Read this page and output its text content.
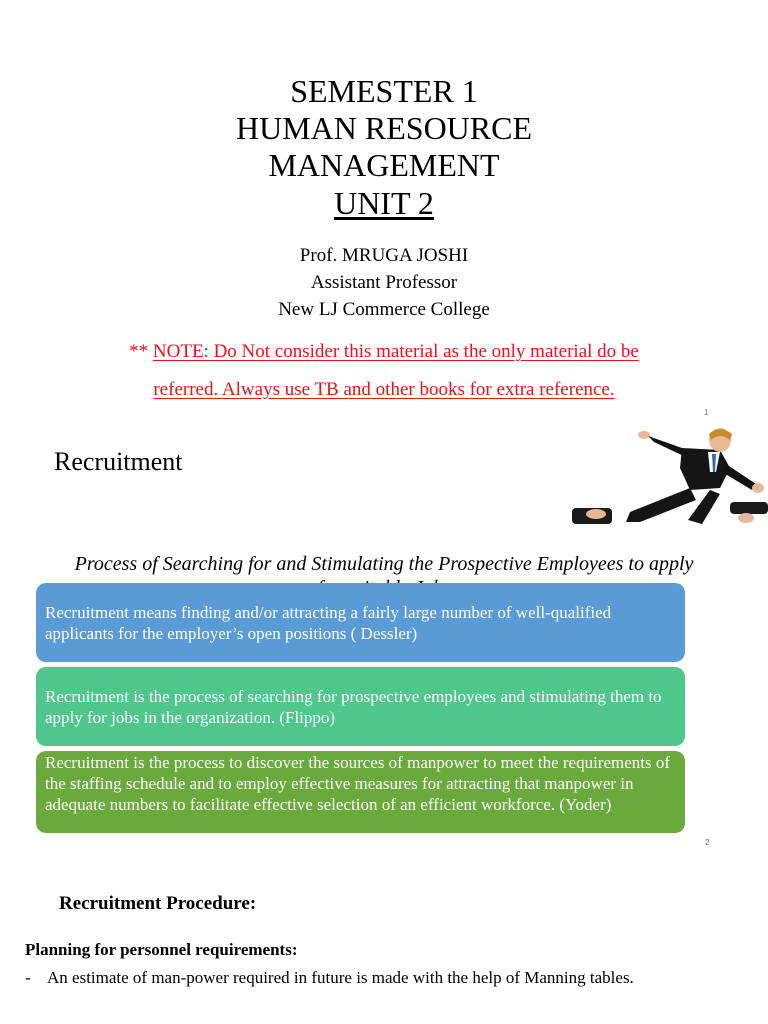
SEMESTER 1
HUMAN RESOURCE
MANAGEMENT
UNIT 2
Prof. MRUGA JOSHI
Assistant Professor
New LJ Commerce College
** NOTE: Do Not consider this material as the only material do be
referred. Always use TB and other books for extra reference.
1
Recruitment
Process of Searching for and Stimulating the Prospective Employees to apply

Recruitment means finding and/or attracting a fairly large number of well-qualified applicants for the employer’s open positions ( Dessler)
Recruitment is the process of searching for prospective employees and stimulating them to apply for jobs in the organization. (Flippo)
Recruitment is the process to discover the sources of manpower to meet the requirements of the staffing schedule and to employ effective measures for attracting that manpower in adequate numbers to facilitate effective selection of an efficient workforce. (Yoder)
2
Recruitment Procedure:
Planning for personnel requirements:
- An estimate of man-power required in future is made with the help of Manning tables.
